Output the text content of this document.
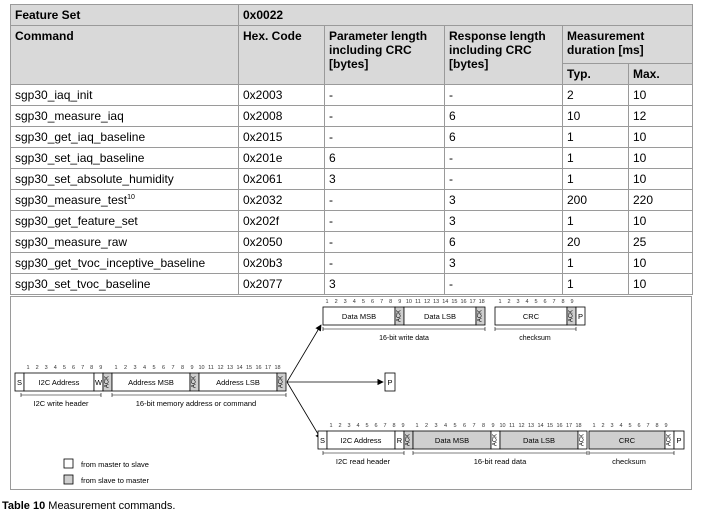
Feature Set	0x0022				
Command	Hex. Code	Parameter length including CRC [bytes]	Response length including CRC [bytes]	Measurement duration [ms]	
				Typ.	Max.
sgp30_iaq_init	0x2003	-	-	2	10
sgp30_measure_iaq	0x2008	-	6	10	12
sgp30_get_iaq_baseline	0x2015	-	6	1	10
sgp30_set_iaq_baseline	0x201e	6	-	1	10
sgp30_set_absolute_humidity	0x2061	3	-	1	10
sgp30_measure_test$^{10}$	0x2032	-	3	200	220
sgp30_get_feature_set	0x202f	-	3	1	10
sgp30_measure_raw	0x2050	-	6	20	25
sgp30_get_tvoc_inceptive_baseline	0x20b3	-	3	1	10
sgp30_set_tvoc_baseline	0x2077	3	-	1	10
1 2 3 4 5 6 7 8 9 1 2 3 4 5 6 7 8 9 10 11 12 13 14 15 16 17 18
S I2C Address W ACK Address MSB	ACK Address LSB	ACK
I2C write header	16-bit memory address or command
P
1 2 3 4 5 6 7 8 9 10 11 12 13 14 15 16 17 18 1 2 3 4 5 6 7 8 9
Data MSB	ACK	Data LSB	ACK	CRC	ACK P
16-bit write data	checksum
1 2 3 4 5 6 7 8 9 1 2 3 4 5 6 7 8 9 10 11 12 13 14 15 16 17 18 1 2 3 4 5 6 7 8 9
S I2C Address R ACK	Data MSB	ACK	Data LSB	ACK	CRC	ACK P
I2C read header	16-bit read data	checksum
from master to slave
from slave to master
Table 10 Measurement commands.
